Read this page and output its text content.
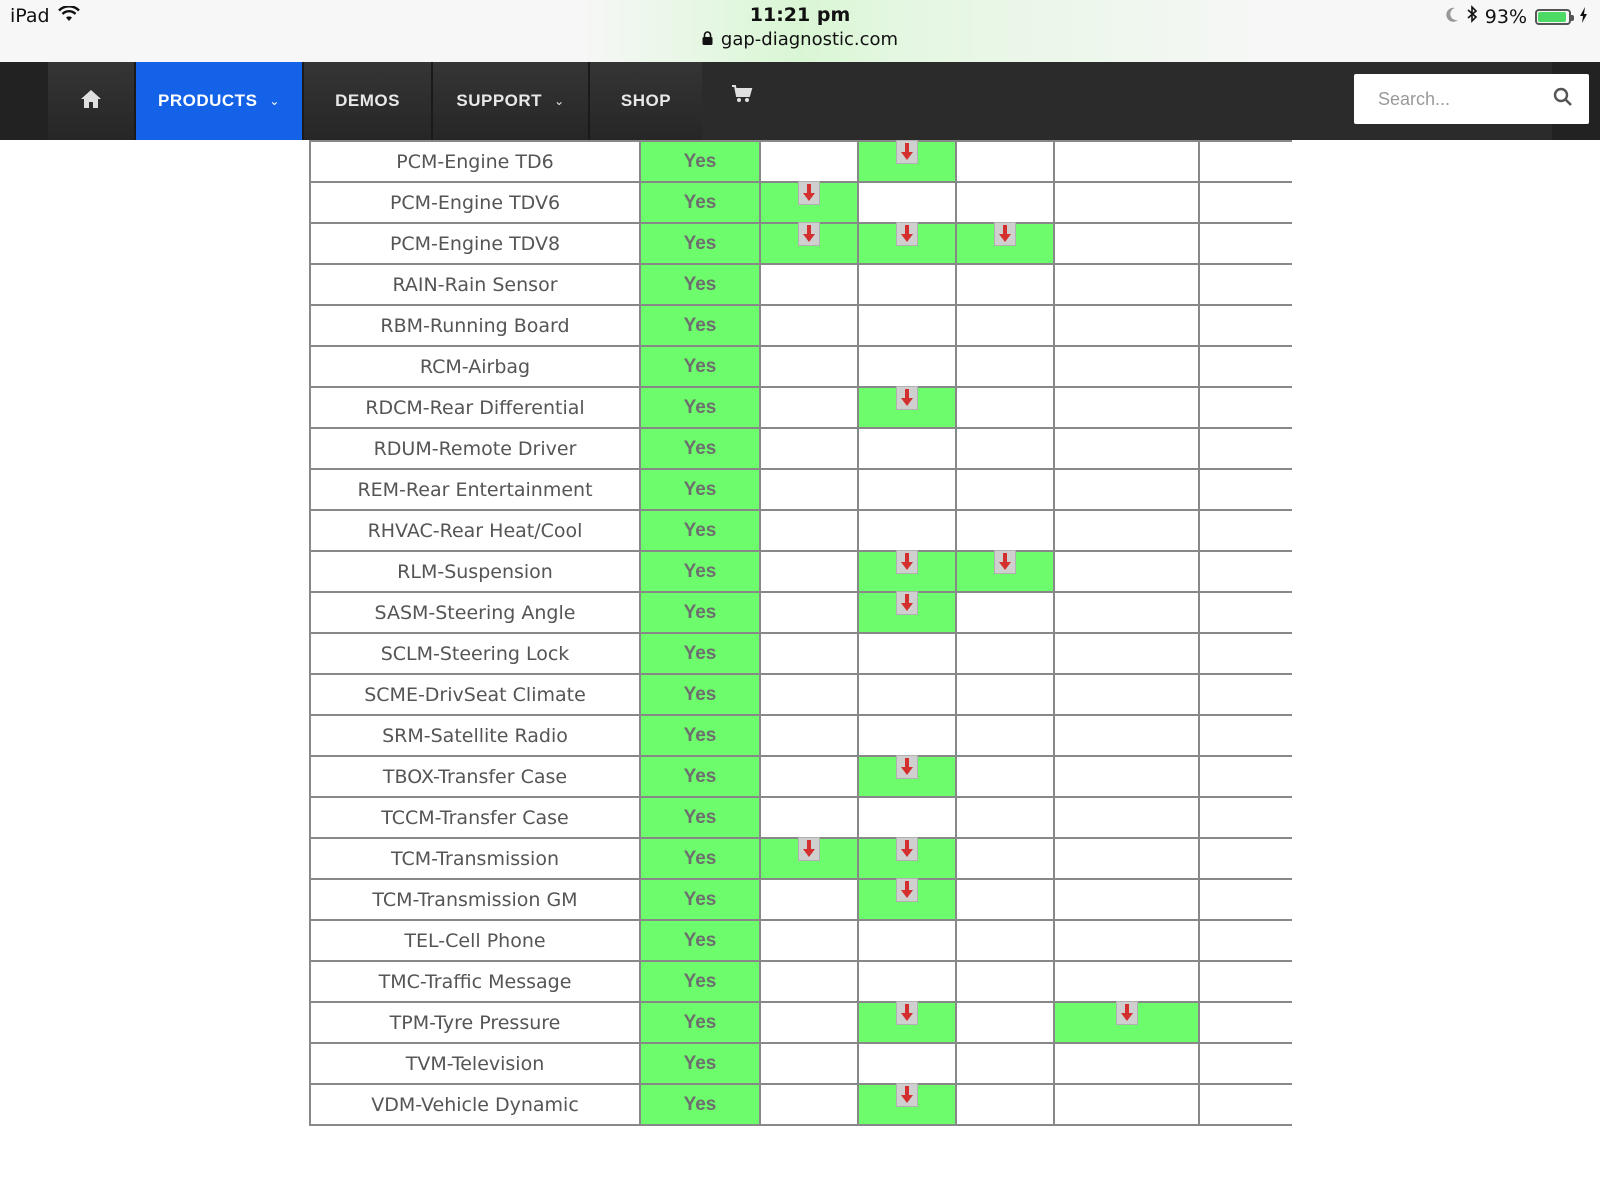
iPad	11:21 pm
gap-diagnostic.com
93%
PRODUCTS ⌄	DEMOS	SUPPORT ⌄	SHOP
Search...
PCM-Engine TD6	Yes		

PCM-Engine TDV6	Yes	

PCM-Engine TDV8	Yes	

RAIN-Rain Sensor	Yes						
RBM-Running Board	Yes						
RCM-Airbag	Yes						
RDCM-Rear Differential	Yes		

RDUM-Remote Driver	Yes						
REM-Rear Entertainment	Yes						
RHVAC-Rear Heat/Cool	Yes						
RLM-Suspension	Yes		

SASM-Steering Angle	Yes		

SCLM-Steering Lock	Yes						
SCME-DrivSeat Climate	Yes						
SRM-Satellite Radio	Yes						
TBOX-Transfer Case	Yes		

TCCM-Transfer Case	Yes						
TCM-Transmission	Yes	

TCM-Transmission GM	Yes		

TEL-Cell Phone	Yes						
TMC-Traffic Message	Yes						
TPM-Tyre Pressure	Yes		

TVM-Television	Yes						
VDM-Vehicle Dynamic	Yes		
